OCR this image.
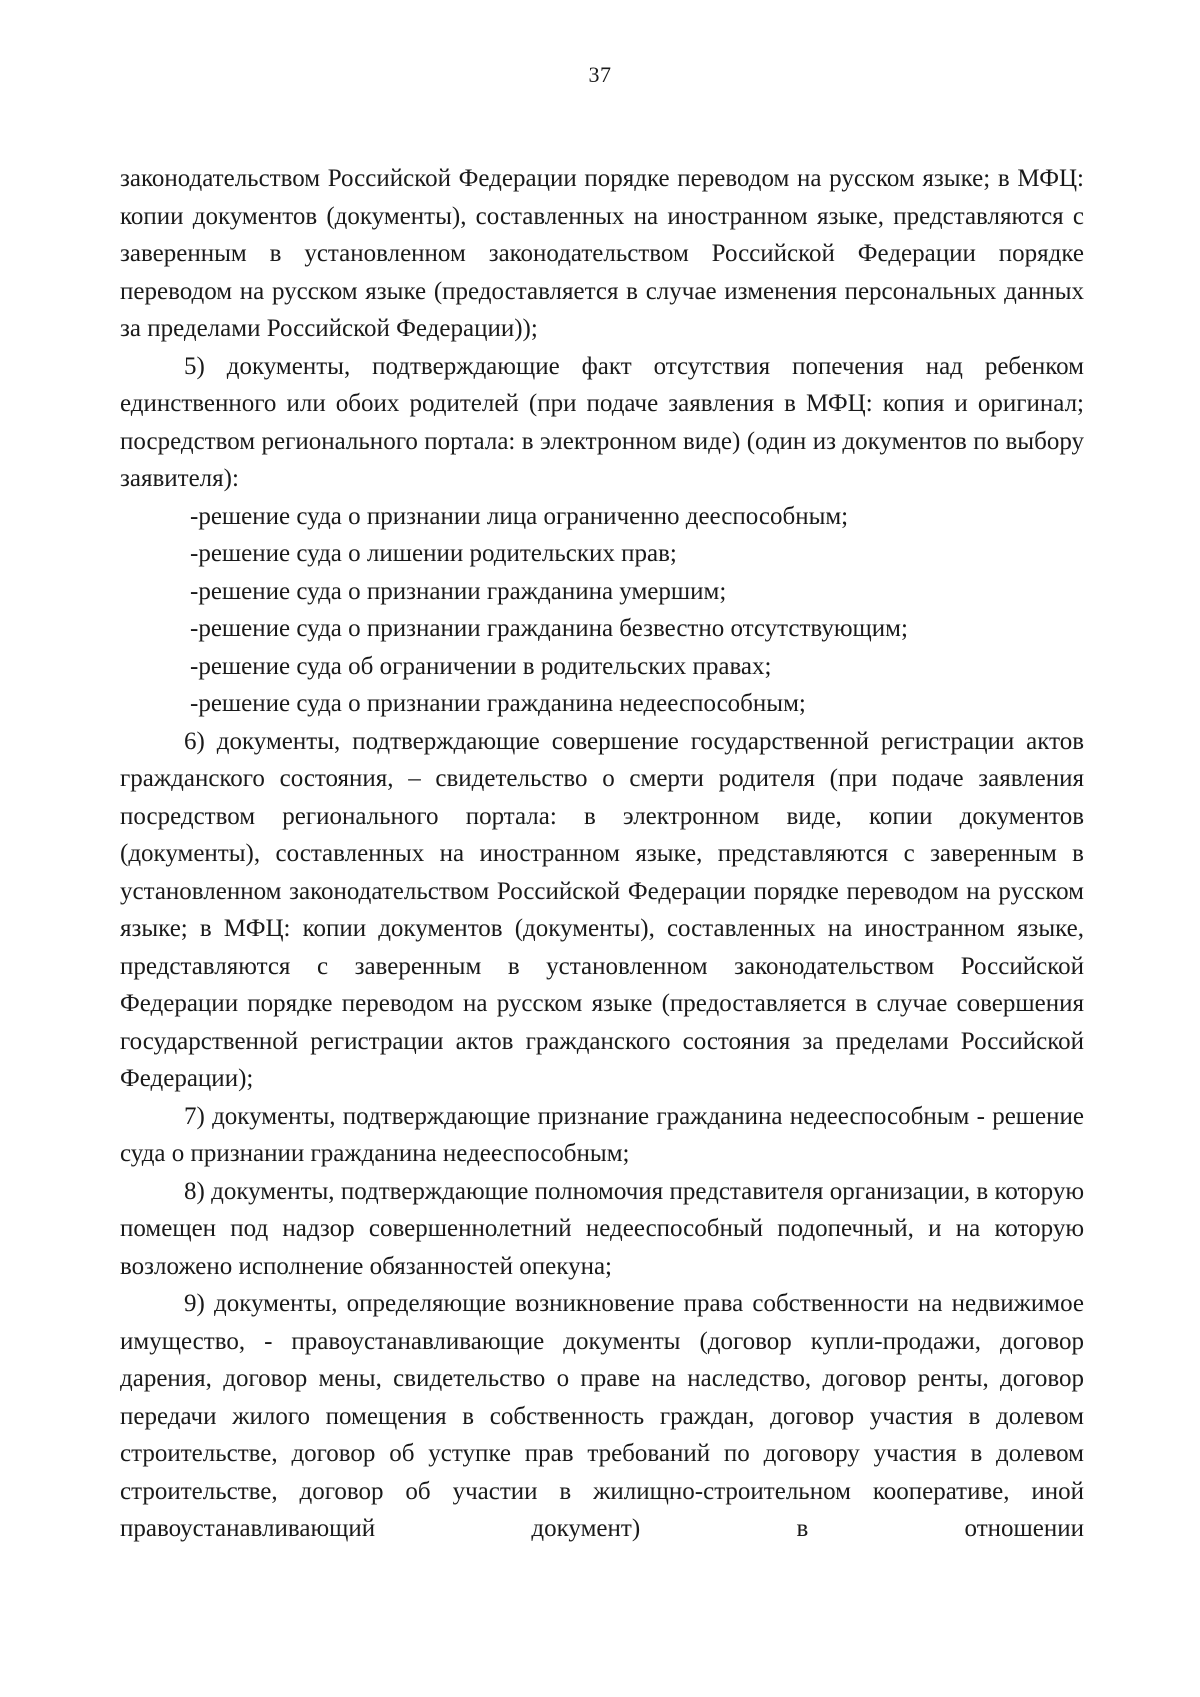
37

законодательством Российской Федерации порядке переводом на русском языке; в МФЦ: копии документов (документы), составленных на иностранном языке, представляются с заверенным в установленном законодательством Российской Федерации порядке переводом на русском языке (предоставляется в случае изменения персональных данных за пределами Российской Федерации));

5) документы, подтверждающие факт отсутствия попечения над ребенком единственного или обоих родителей (при подаче заявления в МФЦ: копия и оригинал; посредством регионального портала: в электронном виде) (один из документов по выбору заявителя):

-решение суда о признании лица ограниченно дееспособным;

-решение суда о лишении родительских прав;

-решение суда о признании гражданина умершим;

-решение суда о признании гражданина безвестно отсутствующим;

-решение суда об ограничении в родительских правах;

-решение суда о признании гражданина недееспособным;

6) документы, подтверждающие совершение государственной регистрации актов гражданского состояния, – свидетельство о смерти родителя (при подаче заявления посредством регионального портала: в электронном виде, копии документов (документы), составленных на иностранном языке, представляются с заверенным в установленном законодательством Российской Федерации порядке переводом на русском языке; в МФЦ: копии документов (документы), составленных на иностранном языке, представляются с заверенным в установленном законодательством Российской Федерации порядке переводом на русском языке (предоставляется в случае совершения государственной регистрации актов гражданского состояния за пределами Российской Федерации);

7) документы, подтверждающие признание гражданина недееспособным - решение суда о признании гражданина недееспособным;

8) документы, подтверждающие полномочия представителя организации, в которую помещен под надзор совершеннолетний недееспособный подопечный, и на которую возложено исполнение обязанностей опекуна;

9) документы, определяющие возникновение права собственности на недвижимое имущество, - правоустанавливающие документы (договор купли-продажи, договор дарения, договор мены, свидетельство о праве на наследство, договор ренты, договор передачи жилого помещения в собственность граждан, договор участия в долевом строительстве, договор об уступке прав требований по договору участия в долевом строительстве, договор об участии в жилищно-строительном кооперативе, иной правоустанавливающий документ) в отношении
